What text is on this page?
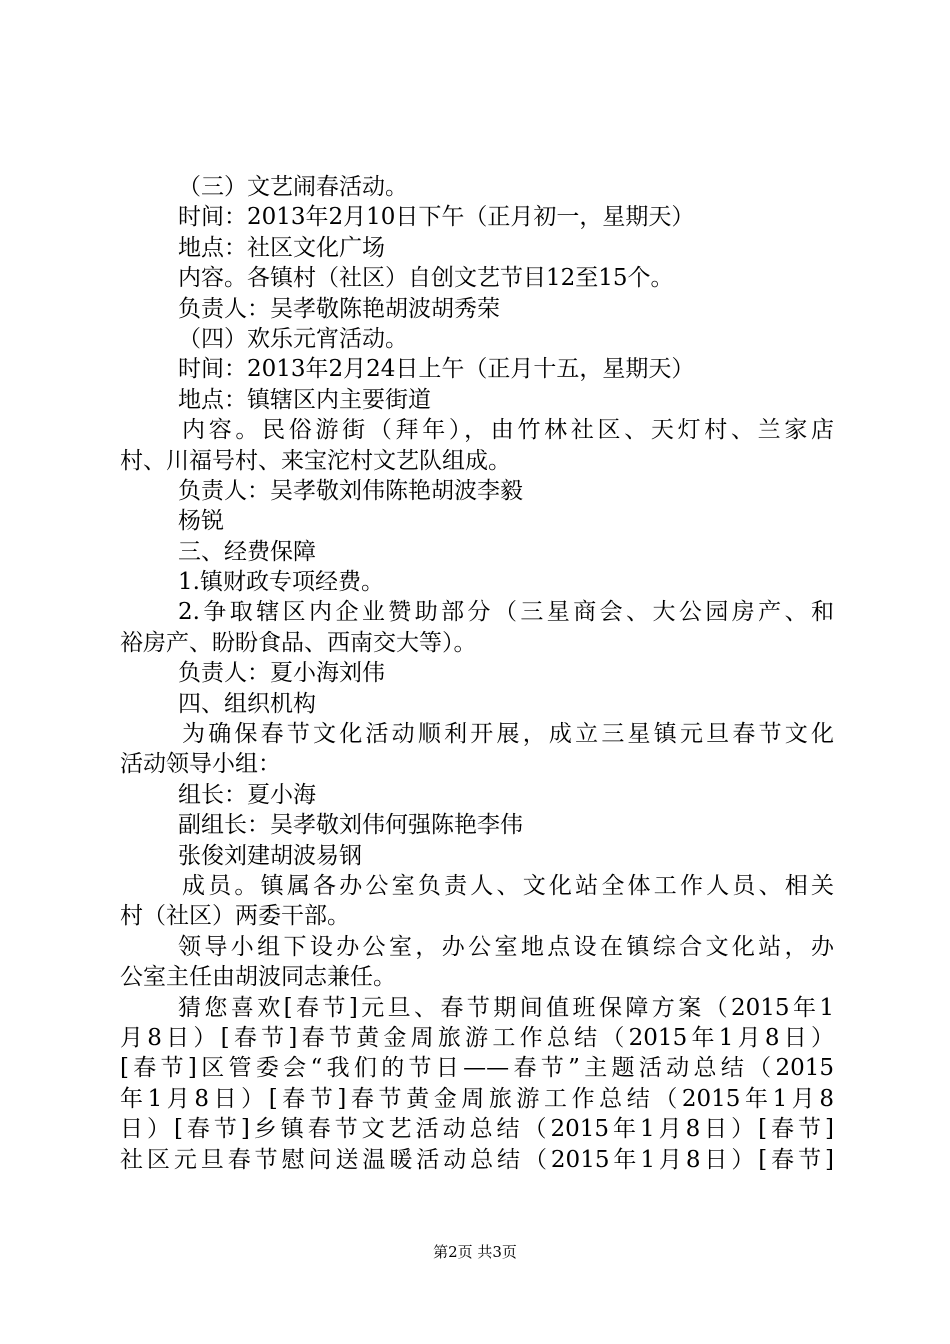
（三）文艺闹春活动。
时间：2013年2月10日下午（正月初一，星期天）
地点：社区文化广场
内容。各镇村（社区）自创文艺节目12至15个。
负责人：吴孝敬陈艳胡波胡秀荣
（四）欢乐元宵活动。
时间：2013年2月24日上午（正月十五，星期天）
地点：镇辖区内主要街道
内容。民俗游街（拜年），由竹林社区、天灯村、兰家店
村、川福号村、来宝沱村文艺队组成。
负责人：吴孝敬刘伟陈艳胡波李毅
杨锐
三、经费保障
1.镇财政专项经费。
2.争取辖区内企业赞助部分（三星商会、大公园房产、和
裕房产、盼盼食品、西南交大等）。
负责人：夏小海刘伟
四、组织机构
为确保春节文化活动顺利开展，成立三星镇元旦春节文化
活动领导小组：
组长：夏小海
副组长：吴孝敬刘伟何强陈艳李伟
张俊刘建胡波易钢
成员。镇属各办公室负责人、文化站全体工作人员、相关
村（社区）两委干部。
领导小组下设办公室，办公室地点设在镇综合文化站，办
公室主任由胡波同志兼任。
猜您喜欢[春节]元旦、春节期间值班保障方案（2015年1
月8日）[春节]春节黄金周旅游工作总结（2015年1月8日）
[春节]区管委会“我们的节日——春节”主题活动总结（2015
年1月8日）[春节]春节黄金周旅游工作总结（2015年1月8
日）[春节]乡镇春节文艺活动总结（2015年1月8日）[春节]
社区元旦春节慰问送温暖活动总结（2015年1月8日）[春节]
第2页 共3页
